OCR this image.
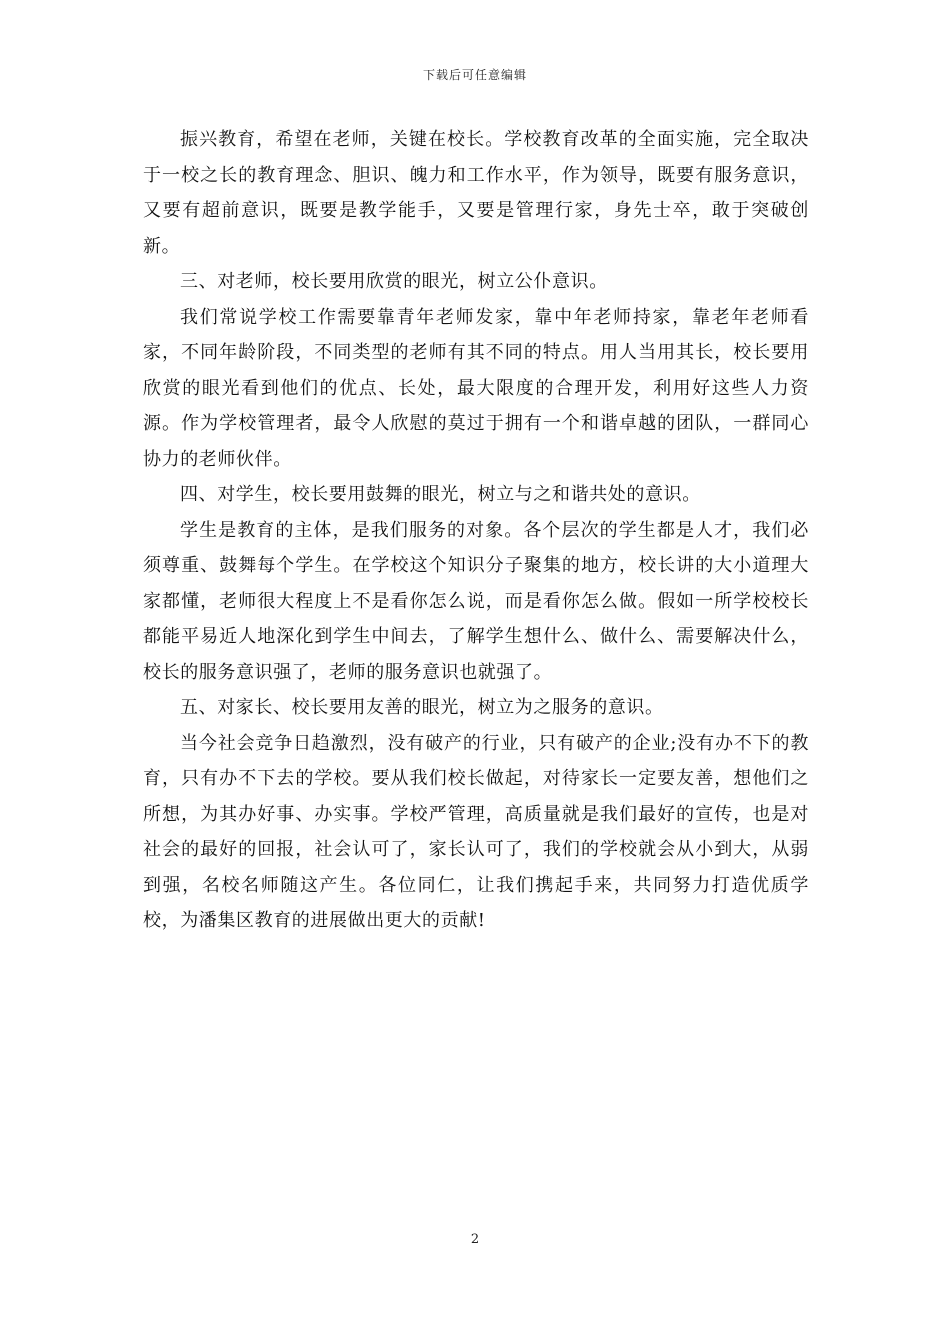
下载后可任意编辑

振兴教育，希望在老师，关键在校长。学校教育改革的全面实施，完全取决于一校之长的教育理念、胆识、魄力和工作水平，作为领导，既要有服务意识，又要有超前意识，既要是教学能手，又要是管理行家，身先士卒，敢于突破创新。

三、对老师，校长要用欣赏的眼光，树立公仆意识。

我们常说学校工作需要靠青年老师发家，靠中年老师持家，靠老年老师看家，不同年龄阶段，不同类型的老师有其不同的特点。用人当用其长，校长要用欣赏的眼光看到他们的优点、长处，最大限度的合理开发，利用好这些人力资源。作为学校管理者，最令人欣慰的莫过于拥有一个和谐卓越的团队，一群同心协力的老师伙伴。

四、对学生，校长要用鼓舞的眼光，树立与之和谐共处的意识。

学生是教育的主体，是我们服务的对象。各个层次的学生都是人才，我们必须尊重、鼓舞每个学生。在学校这个知识分子聚集的地方，校长讲的大小道理大家都懂，老师很大程度上不是看你怎么说，而是看你怎么做。假如一所学校校长都能平易近人地深化到学生中间去，了解学生想什么、做什么、需要解决什么，校长的服务意识强了，老师的服务意识也就强了。

五、对家长、校长要用友善的眼光，树立为之服务的意识。

当今社会竞争日趋激烈，没有破产的行业，只有破产的企业;没有办不下的教育，只有办不下去的学校。要从我们校长做起，对待家长一定要友善，想他们之所想，为其办好事、办实事。学校严管理，高质量就是我们最好的宣传，也是对社会的最好的回报，社会认可了，家长认可了，我们的学校就会从小到大，从弱到强，名校名师随这产生。各位同仁，让我们携起手来，共同努力打造优质学校，为潘集区教育的进展做出更大的贡献!

2
